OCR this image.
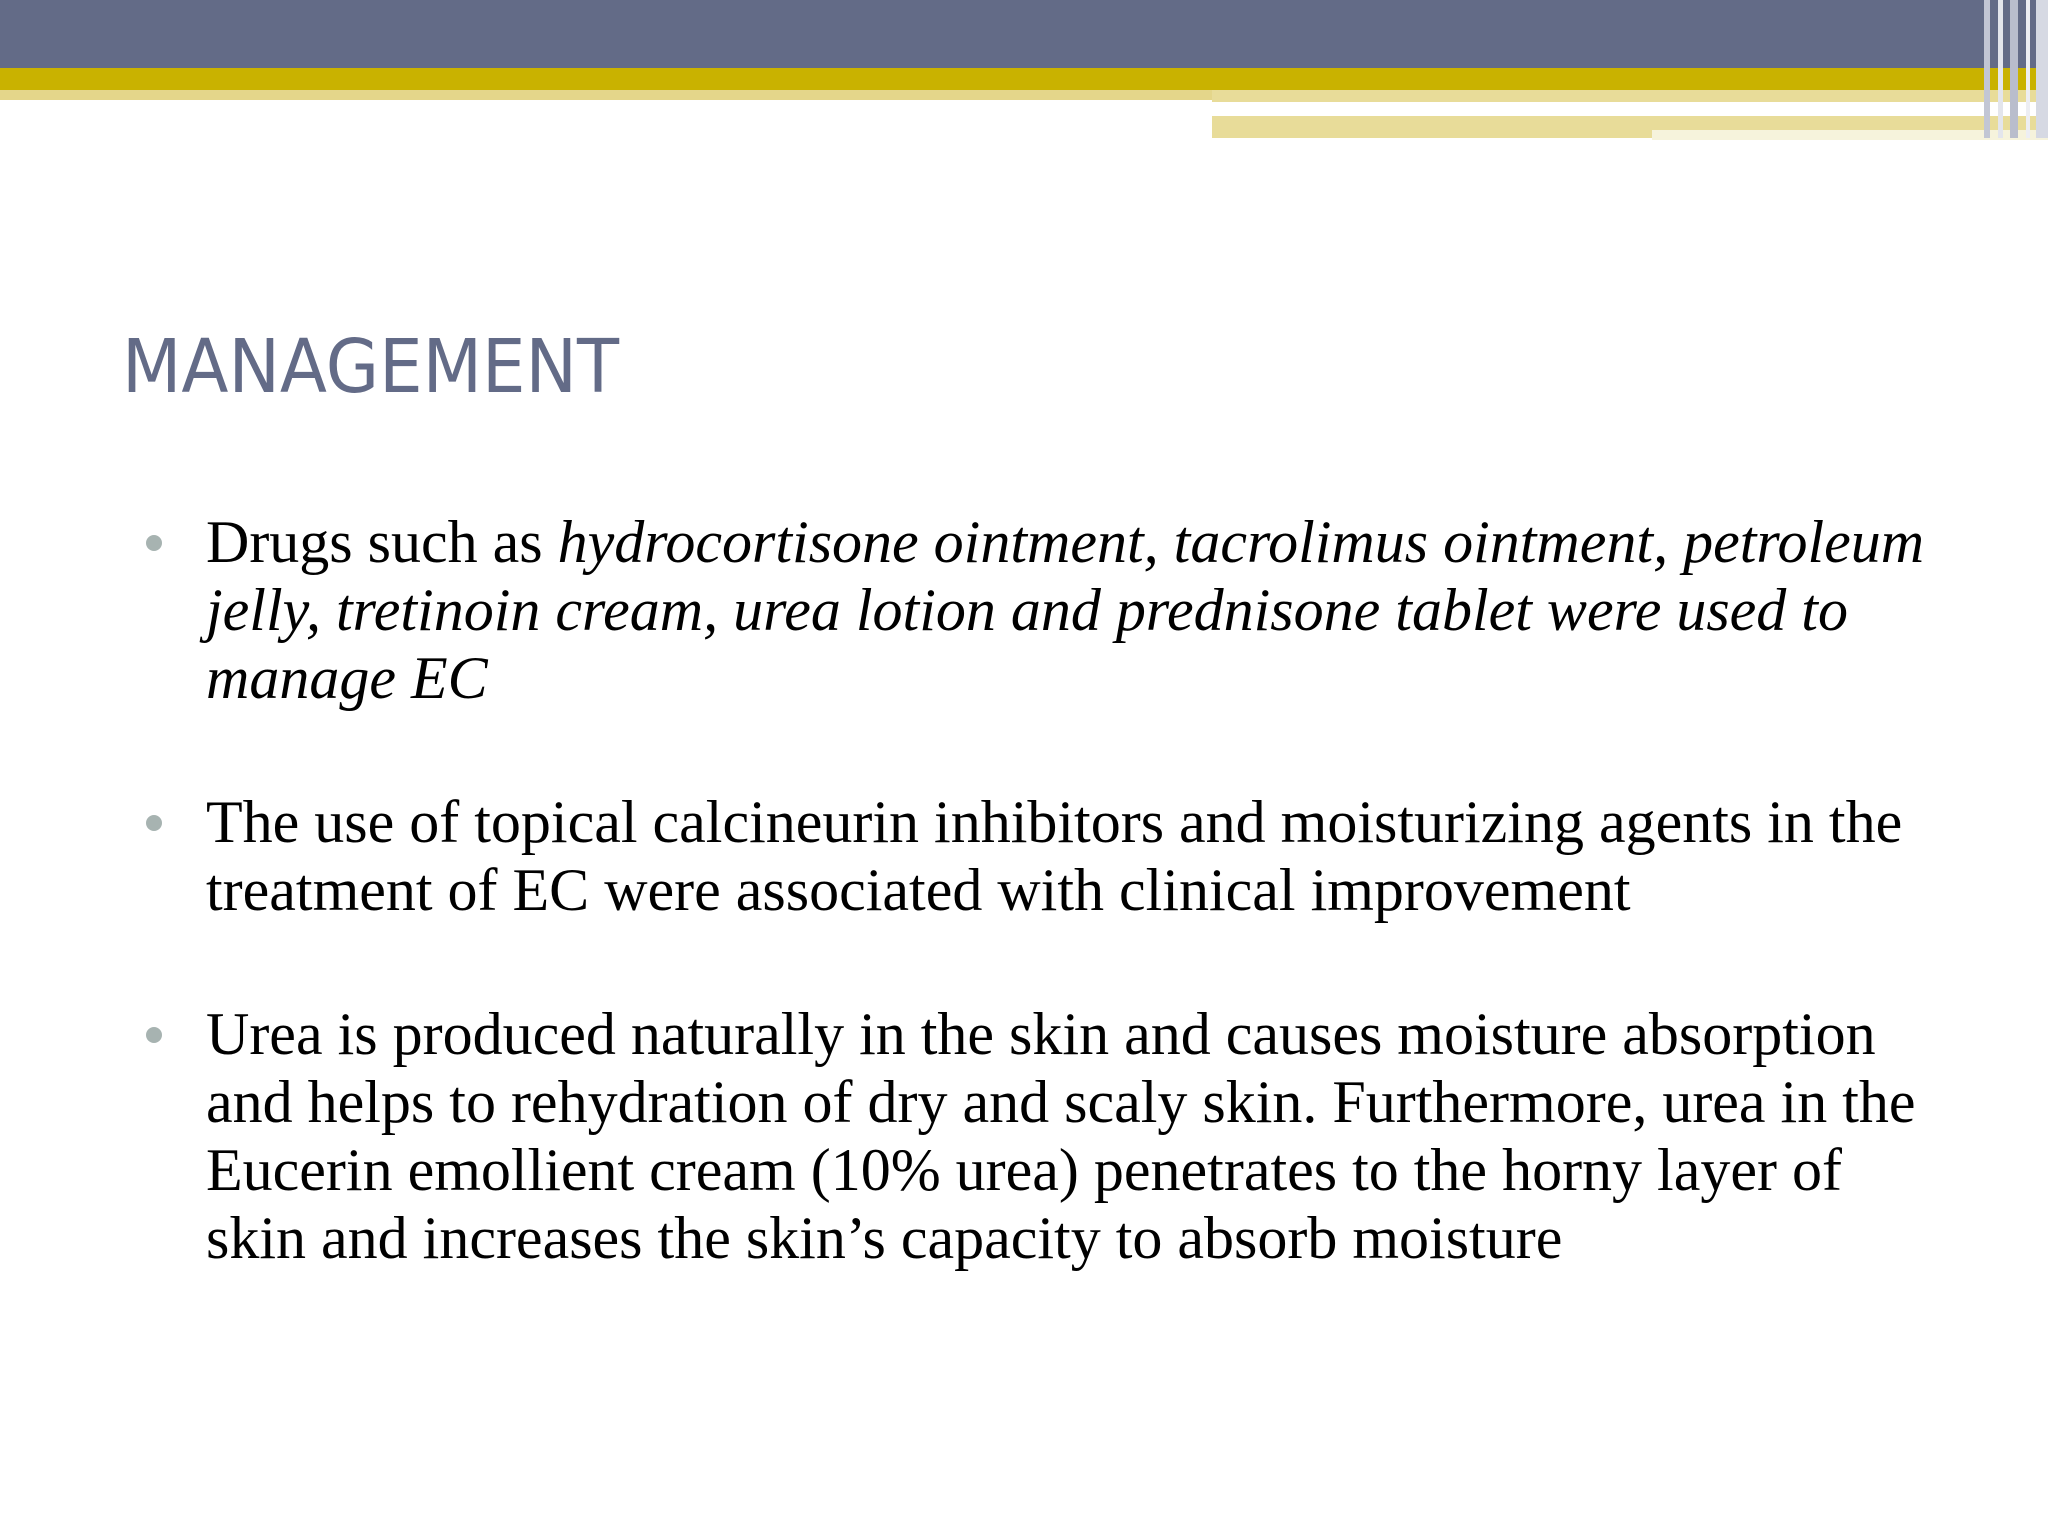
MANAGEMENT
Drugs such as hydrocortisone ointment, tacrolimus ointment, petroleum jelly, tretinoin cream, urea lotion and prednisone tablet were used to manage EC
The use of topical calcineurin inhibitors and moisturizing agents in the treatment of EC were associated with clinical improvement
Urea is produced naturally in the skin and causes moisture absorption and helps to rehydration of dry and scaly skin. Furthermore, urea in the Eucerin emollient cream (10% urea) penetrates to the horny layer of skin and increases the skin’s capacity to absorb moisture
